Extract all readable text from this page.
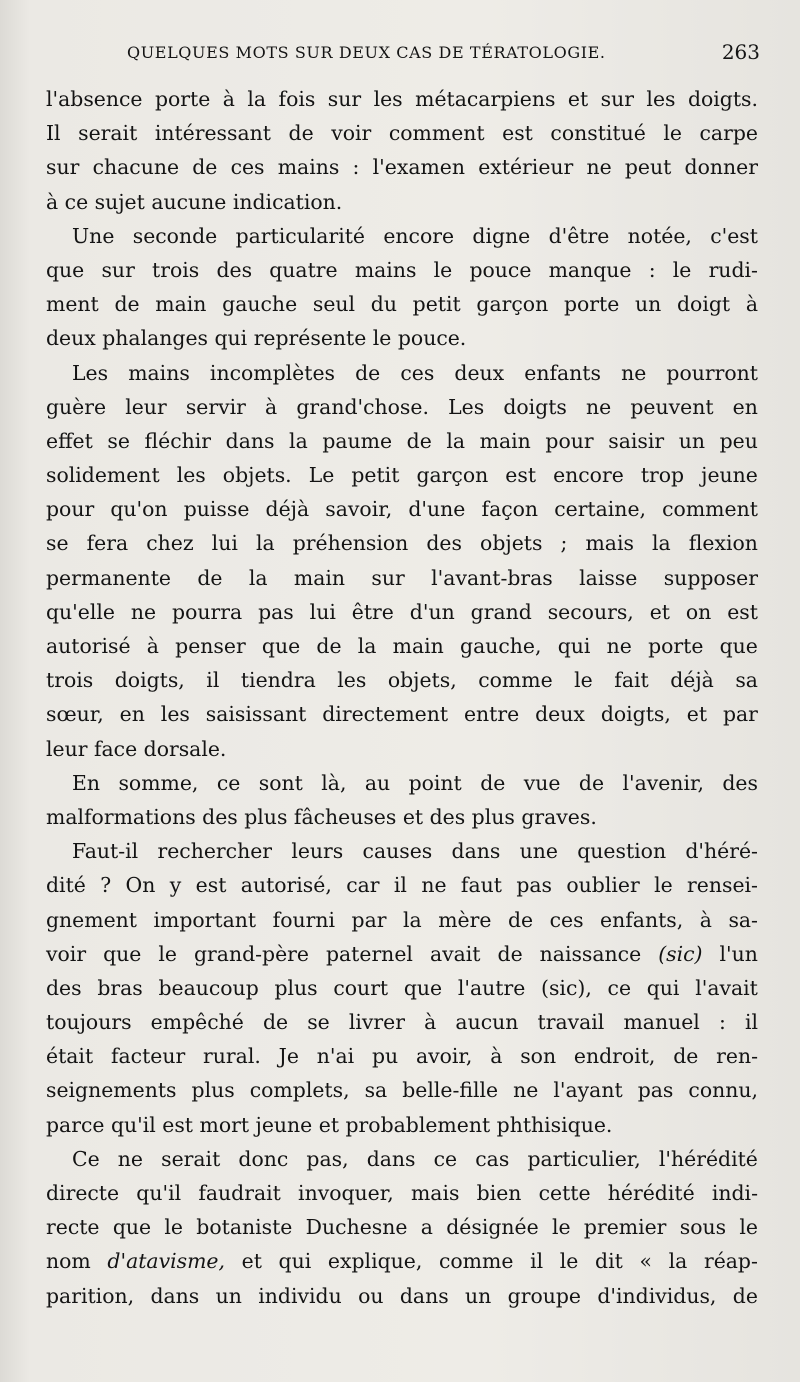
QUELQUES MOTS SUR DEUX CAS DE TÉRATOLOGIE.	263
l'absence porte à la fois sur les métacarpiens et sur les doigts.
Il serait intéressant de voir comment est constitué le carpe
sur chacune de ces mains : l'examen extérieur ne peut donner
à
ce
sujet
aucune
indication.
Une seconde particularité encore digne d'être notée, c'est
que sur trois des quatre mains le pouce manque : le rudi-
ment de main gauche seul du petit garçon porte un doigt à
deux
phalanges
qui
représente
le
pouce.
Les mains incomplètes de ces deux enfants ne pourront
guère leur servir à grand'chose. Les doigts ne peuvent en
effet se fléchir dans la paume de la main pour saisir un peu
solidement les objets. Le petit garçon est encore trop jeune
pour qu'on puisse déjà savoir, d'une façon certaine, comment
se fera chez lui la préhension des objets ; mais la flexion
permanente de la main sur l'avant-bras laisse supposer
qu'elle ne pourra pas lui être d'un grand secours, et on est
autorisé à penser que de la main gauche, qui ne porte que
trois doigts, il tiendra les objets, comme le fait déjà sa
sœur, en les saisissant directement entre deux doigts, et par
leur
face
dorsale.
En somme, ce sont là, au point de vue de l'avenir, des
malformations
des
plus
fâcheuses
et
des
plus
graves.
Faut-il rechercher leurs causes dans une question d'héré-
dité ? On y est autorisé, car il ne faut pas oublier le rensei-
gnement important fourni par la mère de ces enfants, à sa-
voir que le grand-père paternel avait de naissance (sic) l'un
des bras beaucoup plus court que l'autre (sic), ce qui l'avait
toujours empêché de se livrer à aucun travail manuel : il
était facteur rural. Je n'ai pu avoir, à son endroit, de ren-
seignements plus complets, sa belle-fille ne l'ayant pas connu,
parce
qu'il
est
mort
jeune
et
probablement
phthisique.
Ce ne serait donc pas, dans ce cas particulier, l'hérédité
directe qu'il faudrait invoquer, mais bien cette hérédité indi-
recte que le botaniste Duchesne a désignée le premier sous le
nom d'atavisme, et qui explique, comme il le dit « la réap-
parition, dans un individu ou dans un groupe d'individus, de
